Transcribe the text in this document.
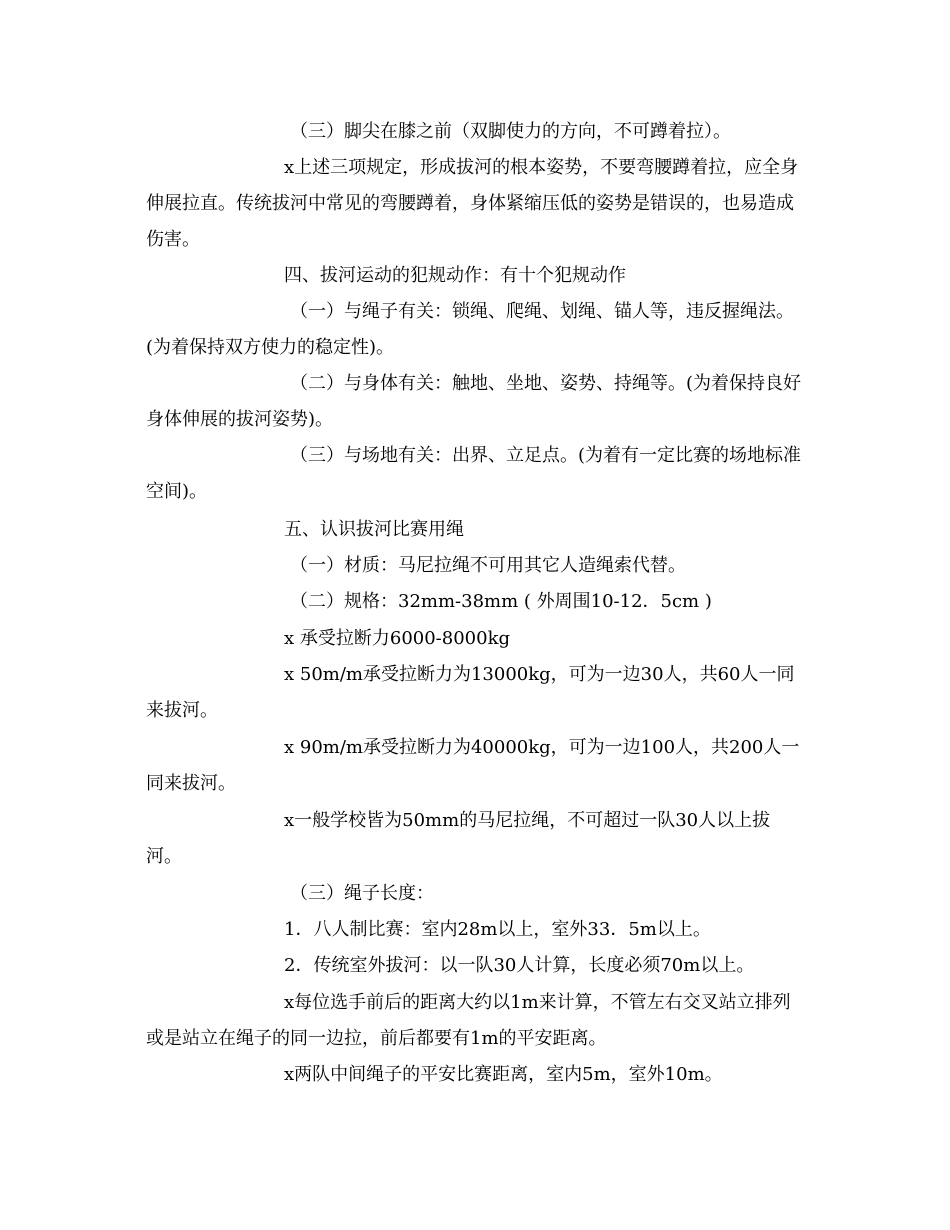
（三）脚尖在膝之前（双脚使力的方向，不可蹲着拉）。

x上述三项规定，形成拔河的根本姿势，不要弯腰蹲着拉，应全身伸展拉直。传统拔河中常见的弯腰蹲着，身体紧缩压低的姿势是错误的，也易造成伤害。

四、拔河运动的犯规动作：有十个犯规动作

（一）与绳子有关：锁绳、爬绳、划绳、锚人等，违反握绳法。(为着保持双方使力的稳定性)。

（二）与身体有关：触地、坐地、姿势、持绳等。(为着保持良好身体伸展的拔河姿势)。

（三）与场地有关：出界、立足点。(为着有一定比赛的场地标准空间)。

五、认识拔河比赛用绳

（一）材质：马尼拉绳不可用其它人造绳索代替。

（二）规格：32mm-38mm ( 外周围10-12．5cm )

x 承受拉断力6000-8000kg

x 50m/m承受拉断力为13000kg，可为一边30人，共60人一同来拔河。

x 90m/m承受拉断力为40000kg，可为一边100人，共200人一同来拔河。

x一般学校皆为50mm的马尼拉绳，不可超过一队30人以上拔河。

（三）绳子长度：

1．八人制比赛：室内28m以上，室外33．5m以上。

2．传统室外拔河：以一队30人计算，长度必须70m以上。

x每位选手前后的距离大约以1m来计算，不管左右交叉站立排列或是站立在绳子的同一边拉，前后都要有1m的平安距离。

x两队中间绳子的平安比赛距离，室内5m，室外10m。
